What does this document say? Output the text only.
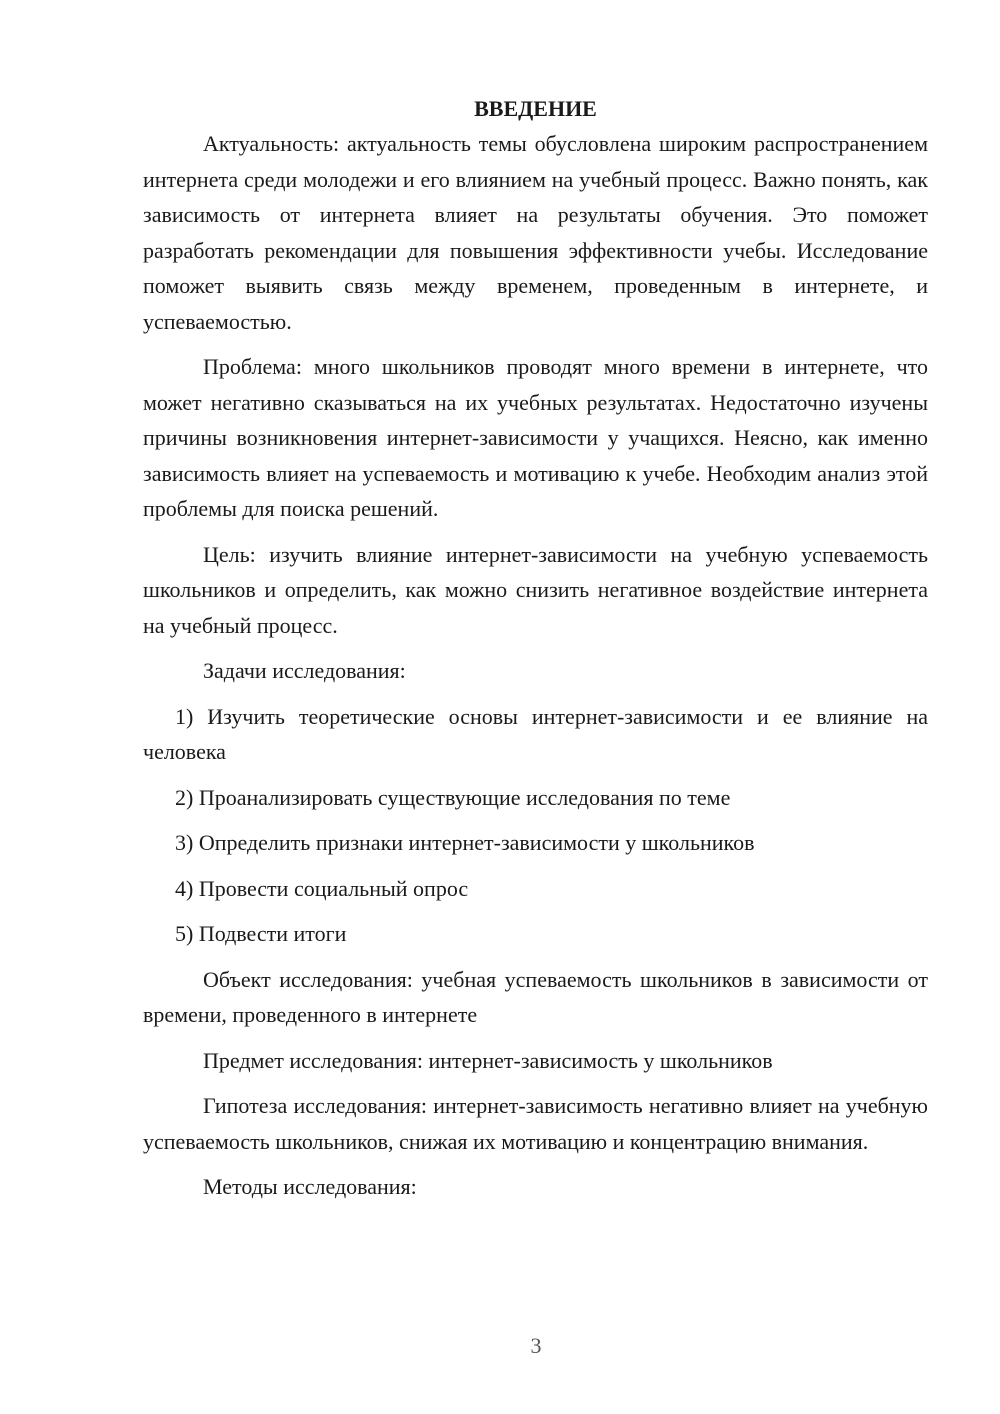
ВВЕДЕНИЕ

Актуальность: актуальность темы обусловлена широким распространением интернета среди молодежи и его влиянием на учебный процесс. Важно понять, как зависимость от интернета влияет на результаты обучения. Это поможет разработать рекомендации для повышения эффективности учебы. Исследование поможет выявить связь между временем, проведенным в интернете, и успеваемостью.

Проблема: много школьников проводят много времени в интернете, что может негативно сказываться на их учебных результатах. Недостаточно изучены причины возникновения интернет-зависимости у учащихся. Неясно, как именно зависимость влияет на успеваемость и мотивацию к учебе. Необходим анализ этой проблемы для поиска решений.

Цель: изучить влияние интернет-зависимости на учебную успеваемость школьников и определить, как можно снизить негативное воздействие интернета на учебный процесс.

Задачи исследования:

1) Изучить теоретические основы интернет-зависимости и ее влияние на человека

2) Проанализировать существующие исследования по теме

3) Определить признаки интернет-зависимости у школьников

4) Провести социальный опрос

5) Подвести итоги

Объект исследования: учебная успеваемость школьников в зависимости от времени, проведенного в интернете

Предмет исследования: интернет-зависимость у школьников

Гипотеза исследования: интернет-зависимость негативно влияет на учебную успеваемость школьников, снижая их мотивацию и концентрацию внимания.

Методы исследования:

3
